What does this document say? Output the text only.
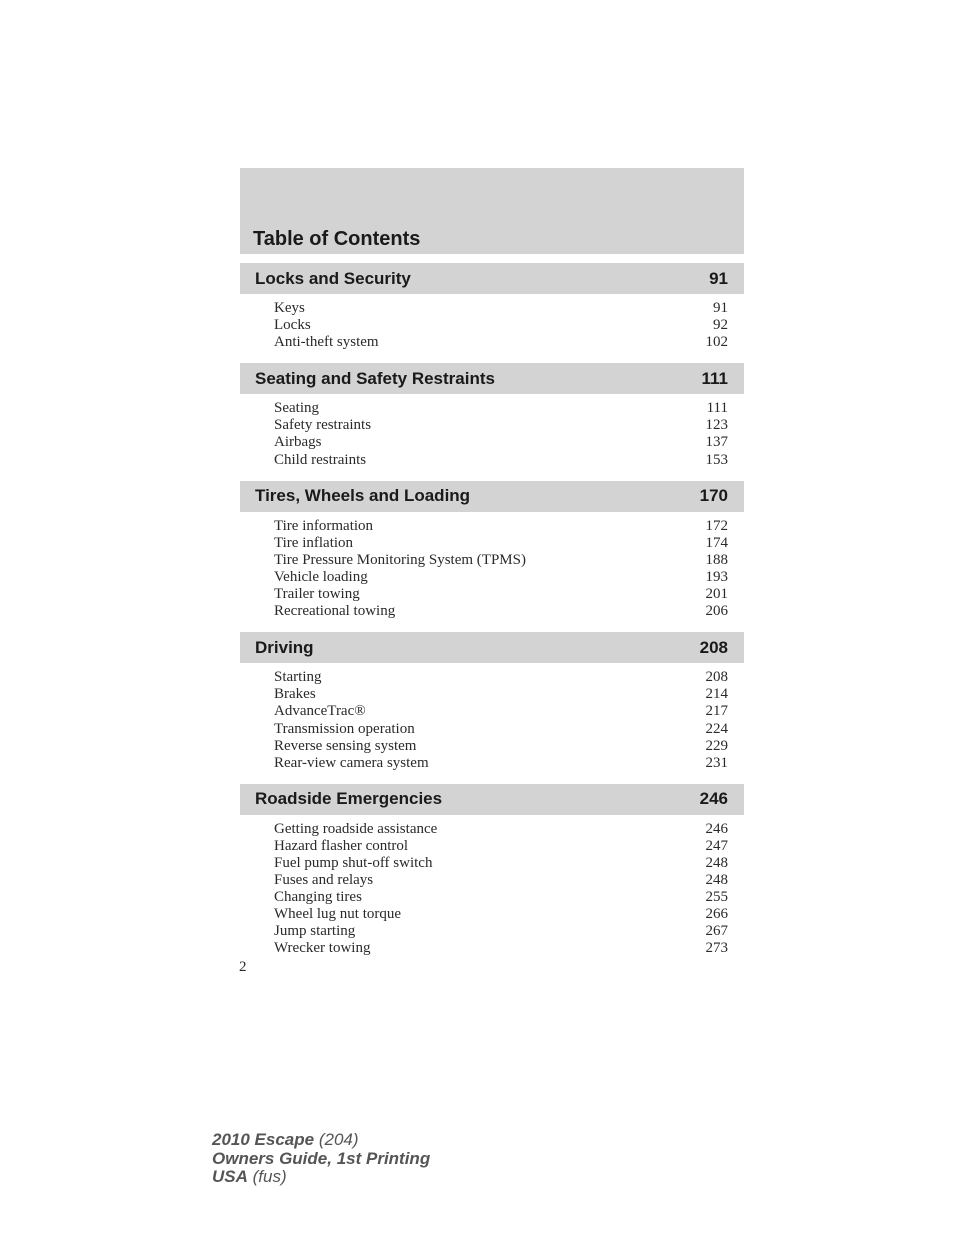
Table of Contents
Locks and Security	91
Keys	91
Locks	92
Anti-theft system	102
Seating and Safety Restraints	111
Seating	111
Safety restraints	123
Airbags	137
Child restraints	153
Tires, Wheels and Loading	170
Tire information	172
Tire inflation	174
Tire Pressure Monitoring System (TPMS)	188
Vehicle loading	193
Trailer towing	201
Recreational towing	206
Driving	208
Starting	208
Brakes	214
AdvanceTrac®	217
Transmission operation	224
Reverse sensing system	229
Rear-view camera system	231
Roadside Emergencies	246
Getting roadside assistance	246
Hazard flasher control	247
Fuel pump shut-off switch	248
Fuses and relays	248
Changing tires	255
Wheel lug nut torque	266
Jump starting	267
Wrecker towing	273
2
2010 Escape (204)
Owners Guide, 1st Printing
USA (fus)
